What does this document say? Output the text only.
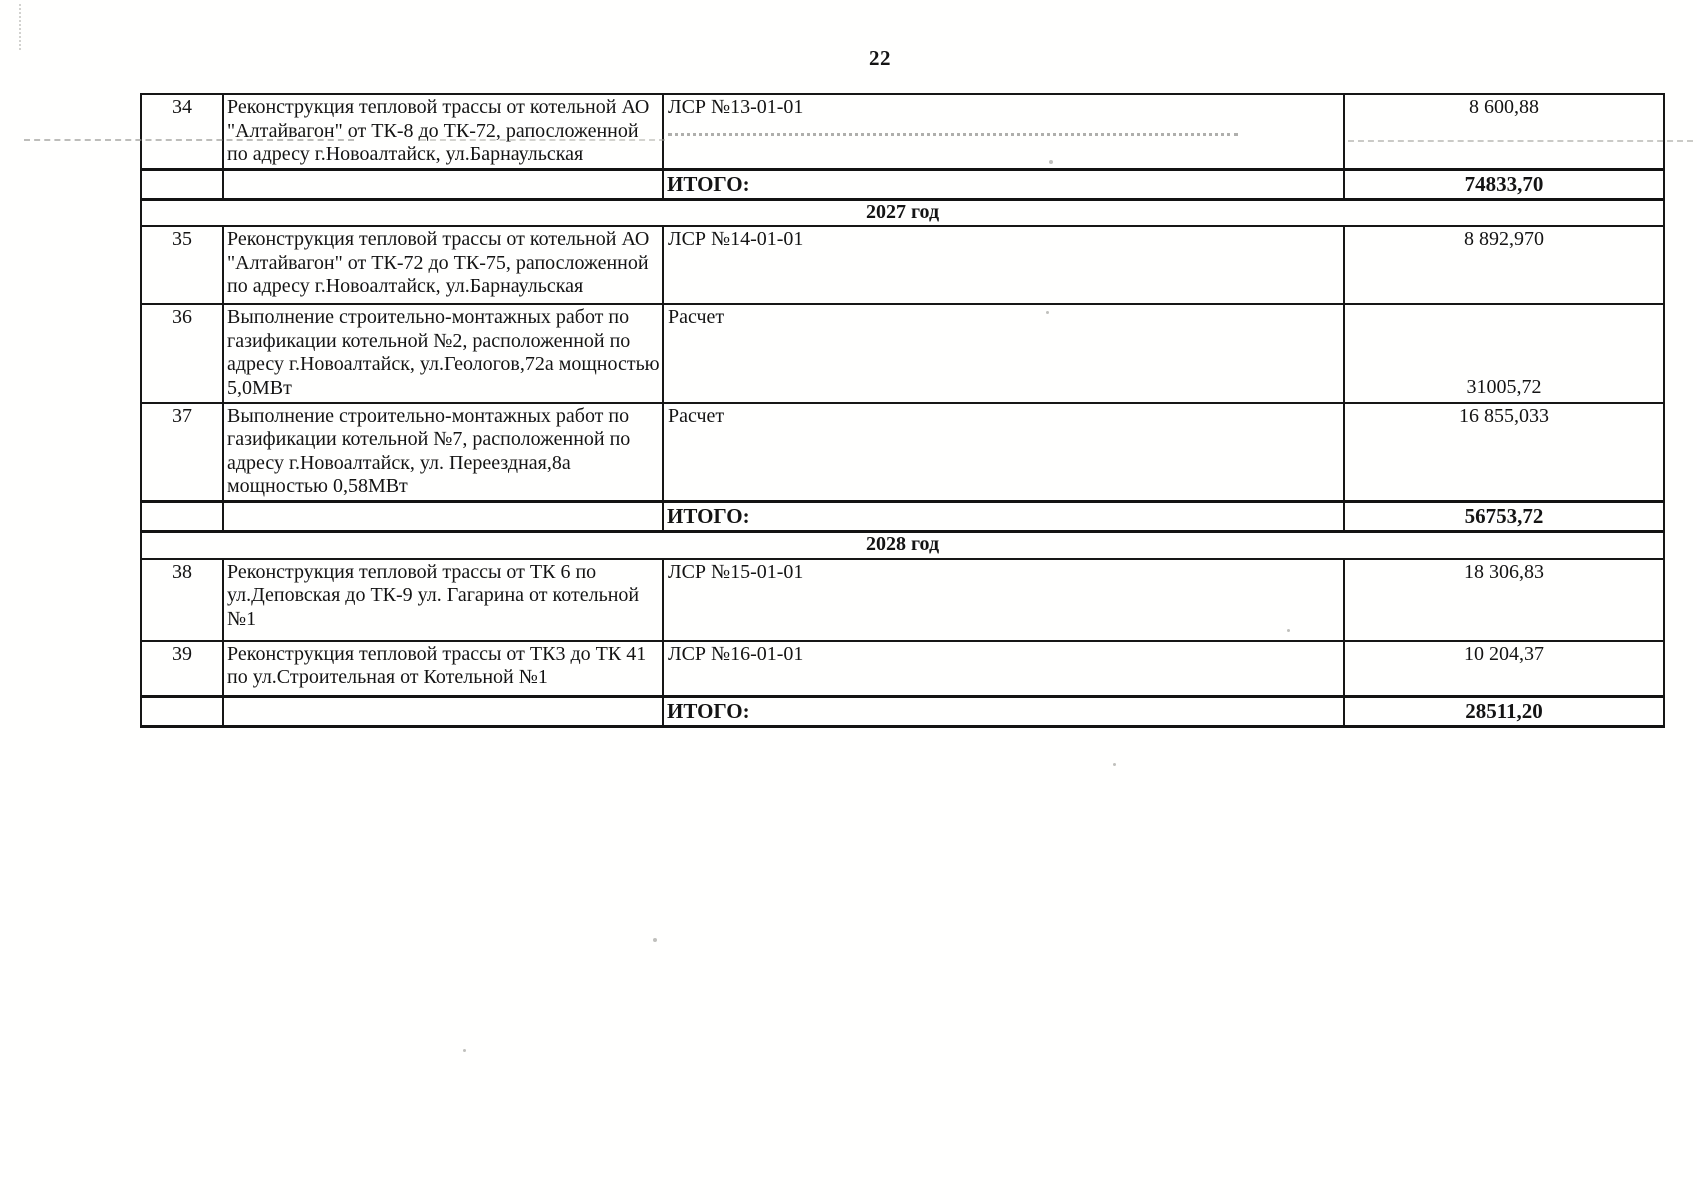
22
34	Реконструкция тепловой трассы от котельной АО "Алтайвагон" от ТК-8 до ТК-72, рапосложенной по адресу г.Новоалтайск, ул.Барнаульская	ЛСР №13-01-01	8 600,88
		ИТОГО:	74833,70
2027 год			
35	Реконструкция тепловой трассы от котельной АО "Алтайвагон" от ТК-72 до ТК-75, рапосложенной по адресу г.Новоалтайск, ул.Барнаульская	ЛСР №14-01-01	8 892,970
36	Выполнение строительно-монтажных работ по газификации котельной №2, расположенной по адресу г.Новоалтайск, ул.Геологов,72а мощностью 5,0МВт	Расчет	31005,72
37	Выполнение строительно-монтажных работ по газификации котельной №7, расположенной по адресу г.Новоалтайск, ул. Переездная,8а мощностью 0,58МВт	Расчет	16 855,033
		ИТОГО:	56753,72
2028 год			
38	Реконструкция тепловой трассы от ТК 6 по ул.Деповская до ТК-9 ул. Гагарина от котельной №1	ЛСР №15-01-01	18 306,83
39	Реконструкция тепловой трассы от ТК3 до ТК 41 по ул.Строительная от Котельной №1	ЛСР №16-01-01	10 204,37
		ИТОГО:	28511,20
